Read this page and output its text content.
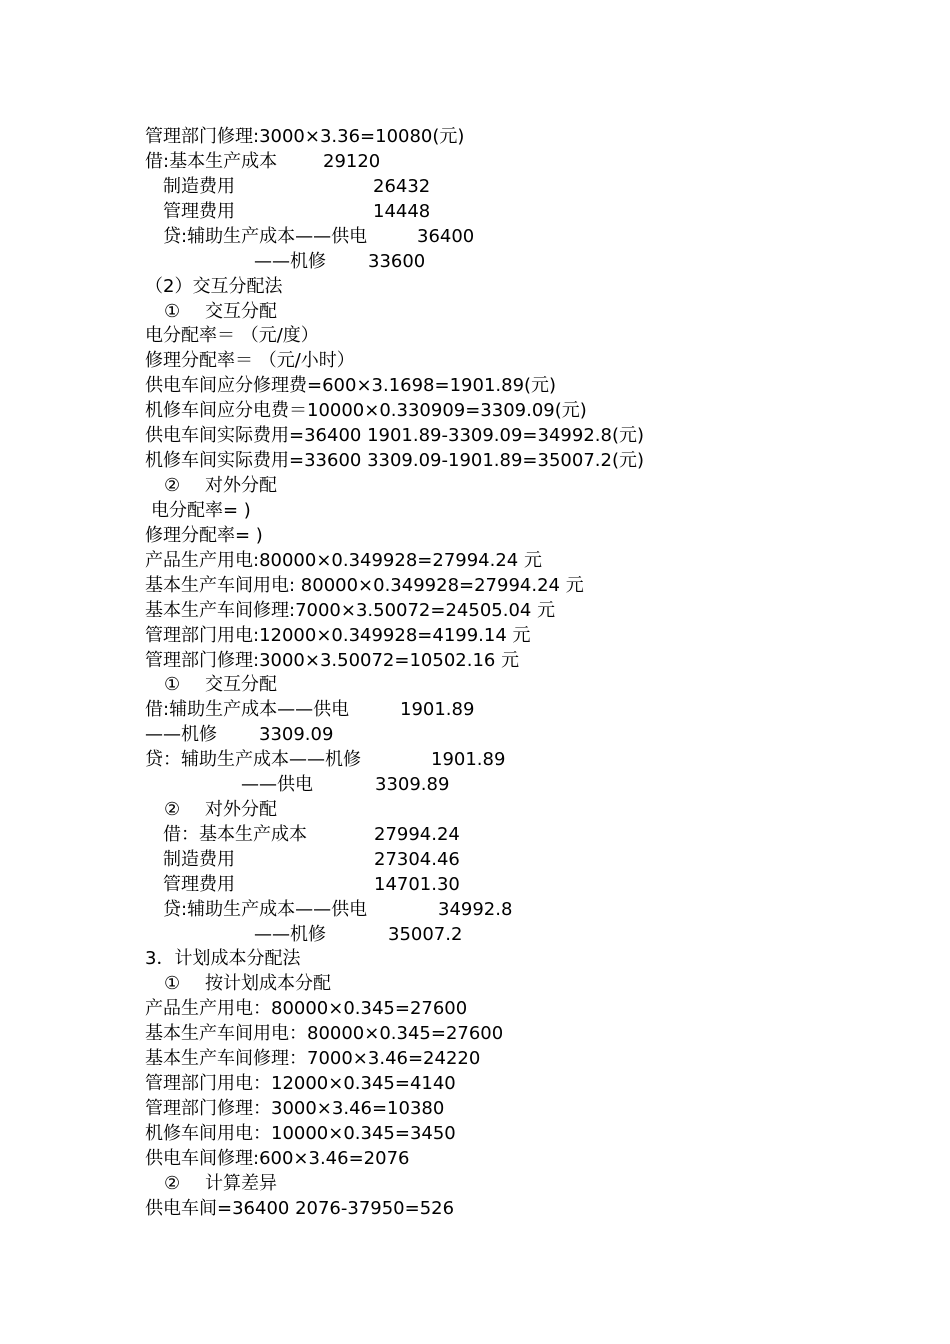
管理部门修理:3000×3.36=10080(元)
借:基本生产成本	29120
制造费用	26432
管理费用	14448
贷:辅助生产成本——供电	36400
——机修 33600
（2）交互分配法
① 交互分配
电分配率＝ （元/度）
修理分配率＝ （元/小时）
供电车间应分修理费=600×3.1698=1901.89(元)
机修车间应分电费＝10000×0.330909=3309.09(元)
供电车间实际费用=36400 1901.89-3309.09=34992.8(元)
机修车间实际费用=33600 3309.09-1901.89=35007.2(元)
② 对外分配
电分配率= )
修理分配率= )
产品生产用电:80000×0.349928=27994.24 元
基本生产车间用电: 80000×0.349928=27994.24 元
基本生产车间修理:7000×3.50072=24505.04 元
管理部门用电:12000×0.349928=4199.14 元
管理部门修理:3000×3.50072=10502.16 元
① 交互分配
借:辅助生产成本——供电	1901.89
——机修 3309.09
贷：辅助生产成本——机修	1901.89
——供电	3309.89
② 对外分配
借：基本生产成本	27994.24
制造费用	27304.46
管理费用	14701.30
贷:辅助生产成本——供电	34992.8
——机修	35007.2
3．计划成本分配法
① 按计划成本分配
产品生产用电：80000×0.345=27600
基本生产车间用电：80000×0.345=27600
基本生产车间修理：7000×3.46=24220
管理部门用电：12000×0.345=4140
管理部门修理：3000×3.46=10380
机修车间用电：10000×0.345=3450
供电车间修理:600×3.46=2076
② 计算差异
供电车间=36400 2076-37950=526
